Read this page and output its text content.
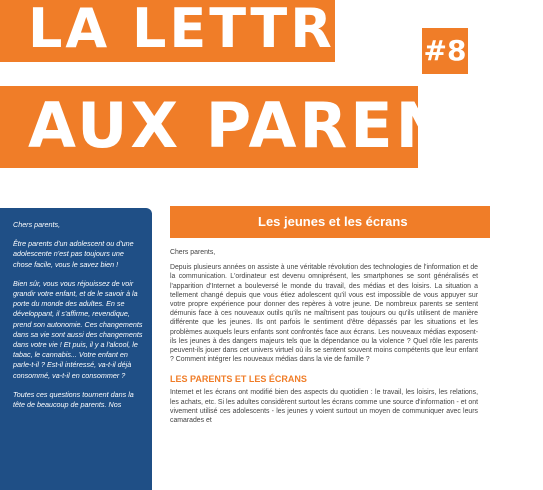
LA LETTRE
AUX PARENTS
#8

Chers parents,

Être parents d'un adolescent ou d'une adolescente n'est pas toujours une chose facile, vous le savez bien !

Bien sûr, vous vous réjouissez de voir grandir votre enfant, et de le savoir à la porte du monde des adultes. En se développant, il s'affirme, revendique, prend son autonomie. Ces changements dans sa vie sont aussi des changements dans votre vie ! Et puis, il y a l'alcool, le tabac, le cannabis... Votre enfant en parle-t-il ? Est-il intéressé, va-t-il déjà consommé, va-t-il en consommer ?

Toutes ces questions tournent dans la tête de beaucoup de parents. Nos

Les jeunes et les écrans

Chers parents,

Depuis plusieurs années on assiste à une véritable révolution des technologies de l'information et de la communication. L'ordinateur est devenu omniprésent, les smartphones se sont généralisés et l'apparition d'Internet a bouleversé le monde du travail, des médias et des loisirs. La situation a tellement changé depuis que vous étiez adolescent qu'il vous est impossible de vous appuyer sur votre propre expérience pour donner des repères à votre jeune. De nombreux parents se sentent démunis face à ces nouveaux outils qu'ils ne maîtrisent pas toujours ou qu'ils utilisent de manière différente que les jeunes. Ils ont parfois le sentiment d'être dépassés par les situations et les problèmes auxquels leurs enfants sont confrontés face aux écrans. Les nouveaux médias exposent-ils les jeunes à des dangers majeurs tels que la dépendance ou la violence ? Quel rôle les parents peuvent-ils jouer dans cet univers virtuel où ils se sentent souvent moins compétents que leur enfant ? Comment intégrer les nouveaux médias dans la vie de famille ?

LES PARENTS ET LES ÉCRANS

Internet et les écrans ont modifié bien des aspects du quotidien : le travail, les loisirs, les relations, les achats, etc. Si les adultes considèrent surtout les écrans comme une source d'information - et ont vivement utilisé ces adolescents - les jeunes y voient surtout un moyen de communiquer avec leurs camarades et
